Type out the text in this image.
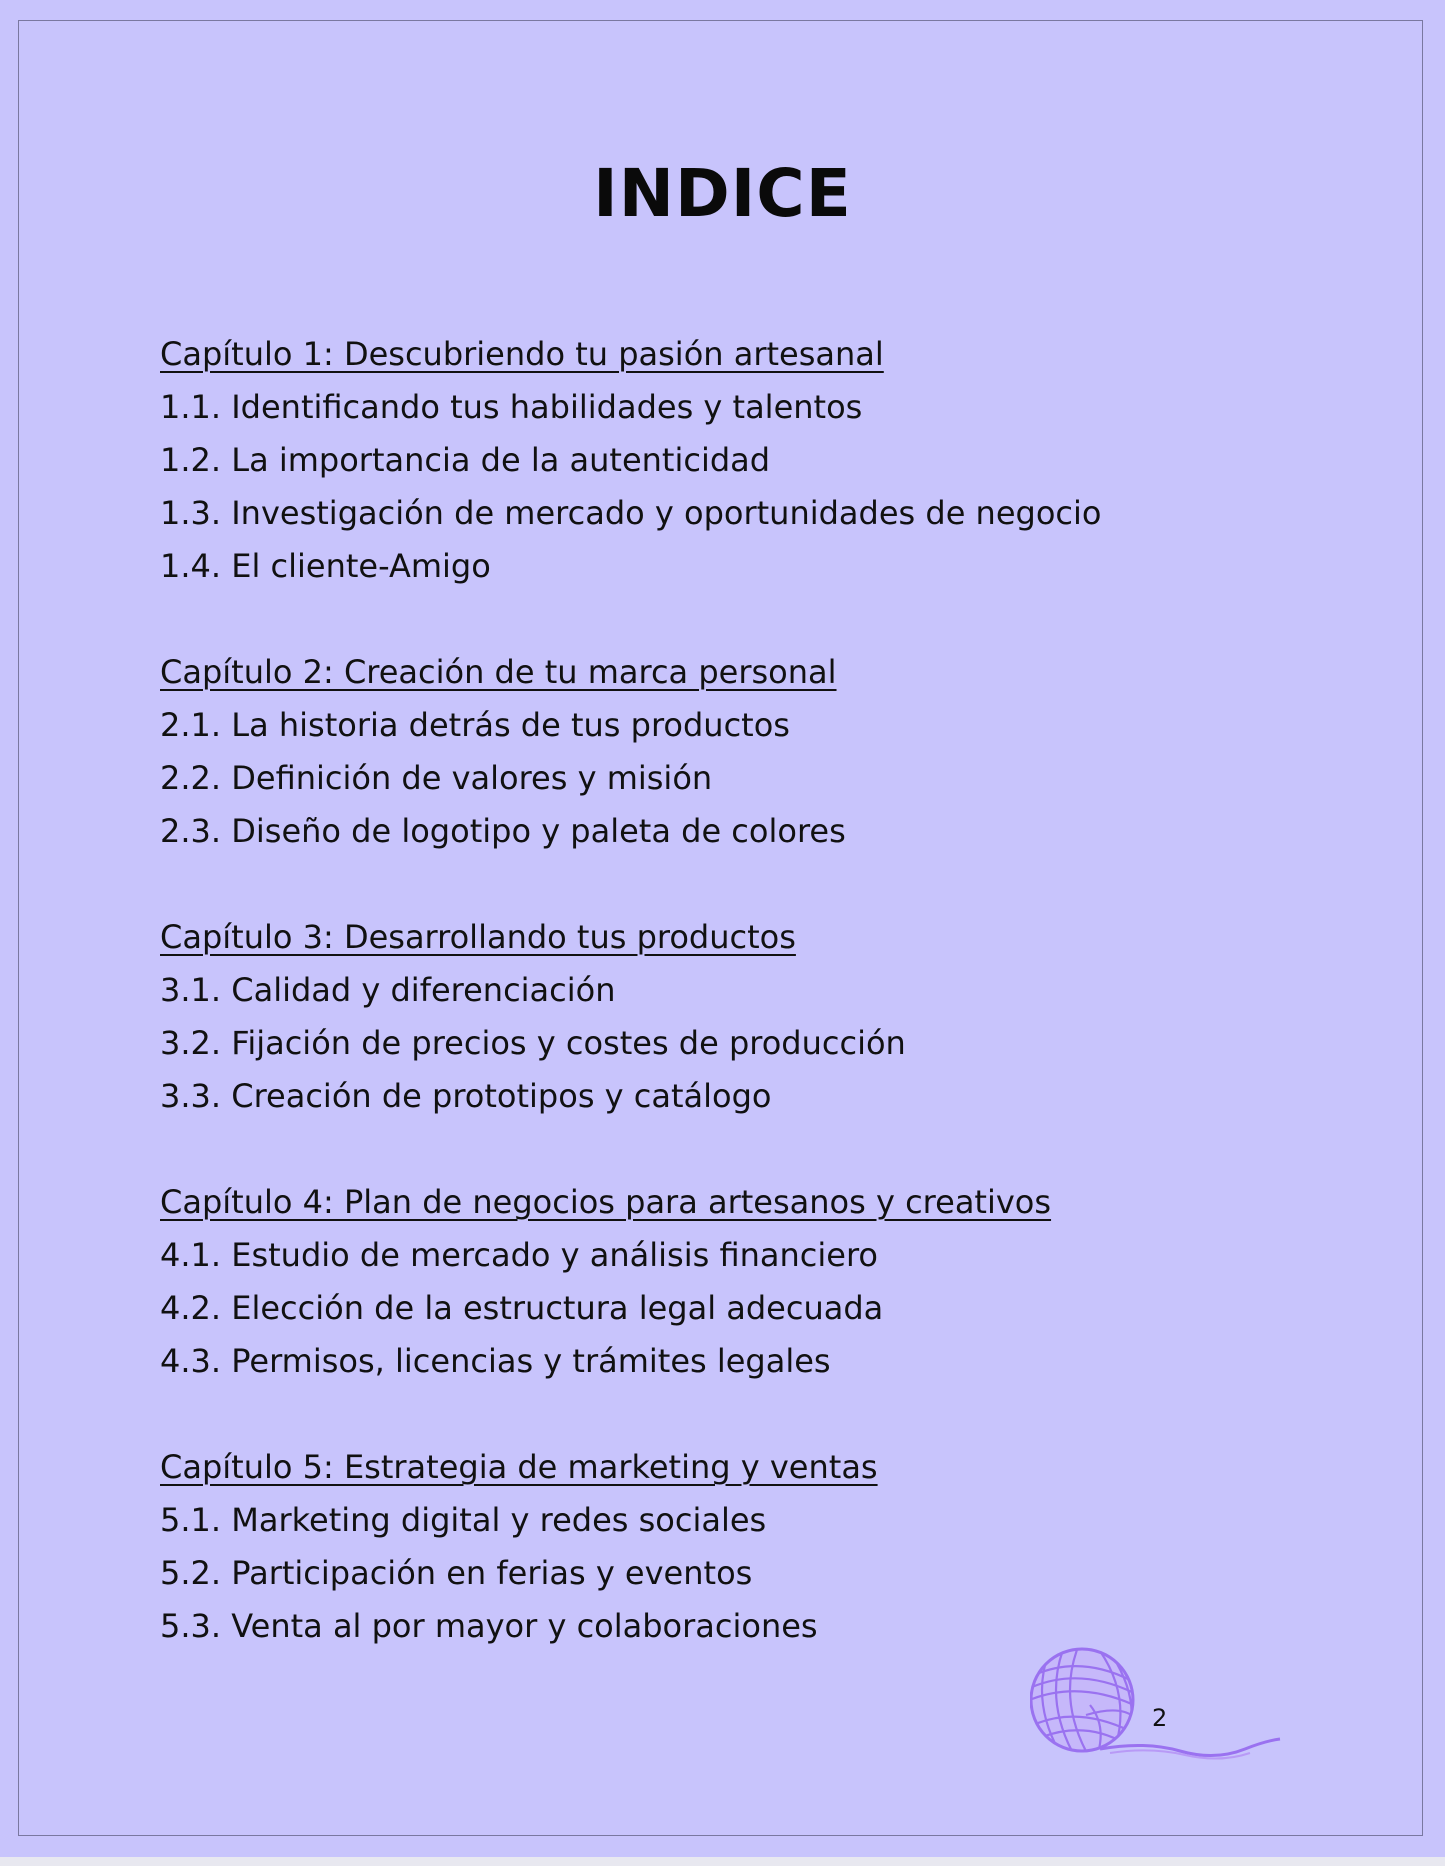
INDICE
Capítulo 1: Descubriendo tu pasión artesanal
1.1. Identificando tus habilidades y talentos
1.2. La importancia de la autenticidad
1.3. Investigación de mercado y oportunidades de negocio
1.4. El cliente-Amigo
Capítulo 2: Creación de tu marca personal
2.1. La historia detrás de tus productos
2.2. Definición de valores y misión
2.3. Diseño de logotipo y paleta de colores
Capítulo 3: Desarrollando tus productos
3.1. Calidad y diferenciación
3.2. Fijación de precios y costes de producción
3.3. Creación de prototipos y catálogo
Capítulo 4: Plan de negocios para artesanos y creativos
4.1. Estudio de mercado y análisis financiero
4.2. Elección de la estructura legal adecuada
4.3. Permisos, licencias y trámites legales
Capítulo 5: Estrategia de marketing y ventas
5.1. Marketing digital y redes sociales
5.2. Participación en ferias y eventos
5.3. Venta al por mayor y colaboraciones
2
